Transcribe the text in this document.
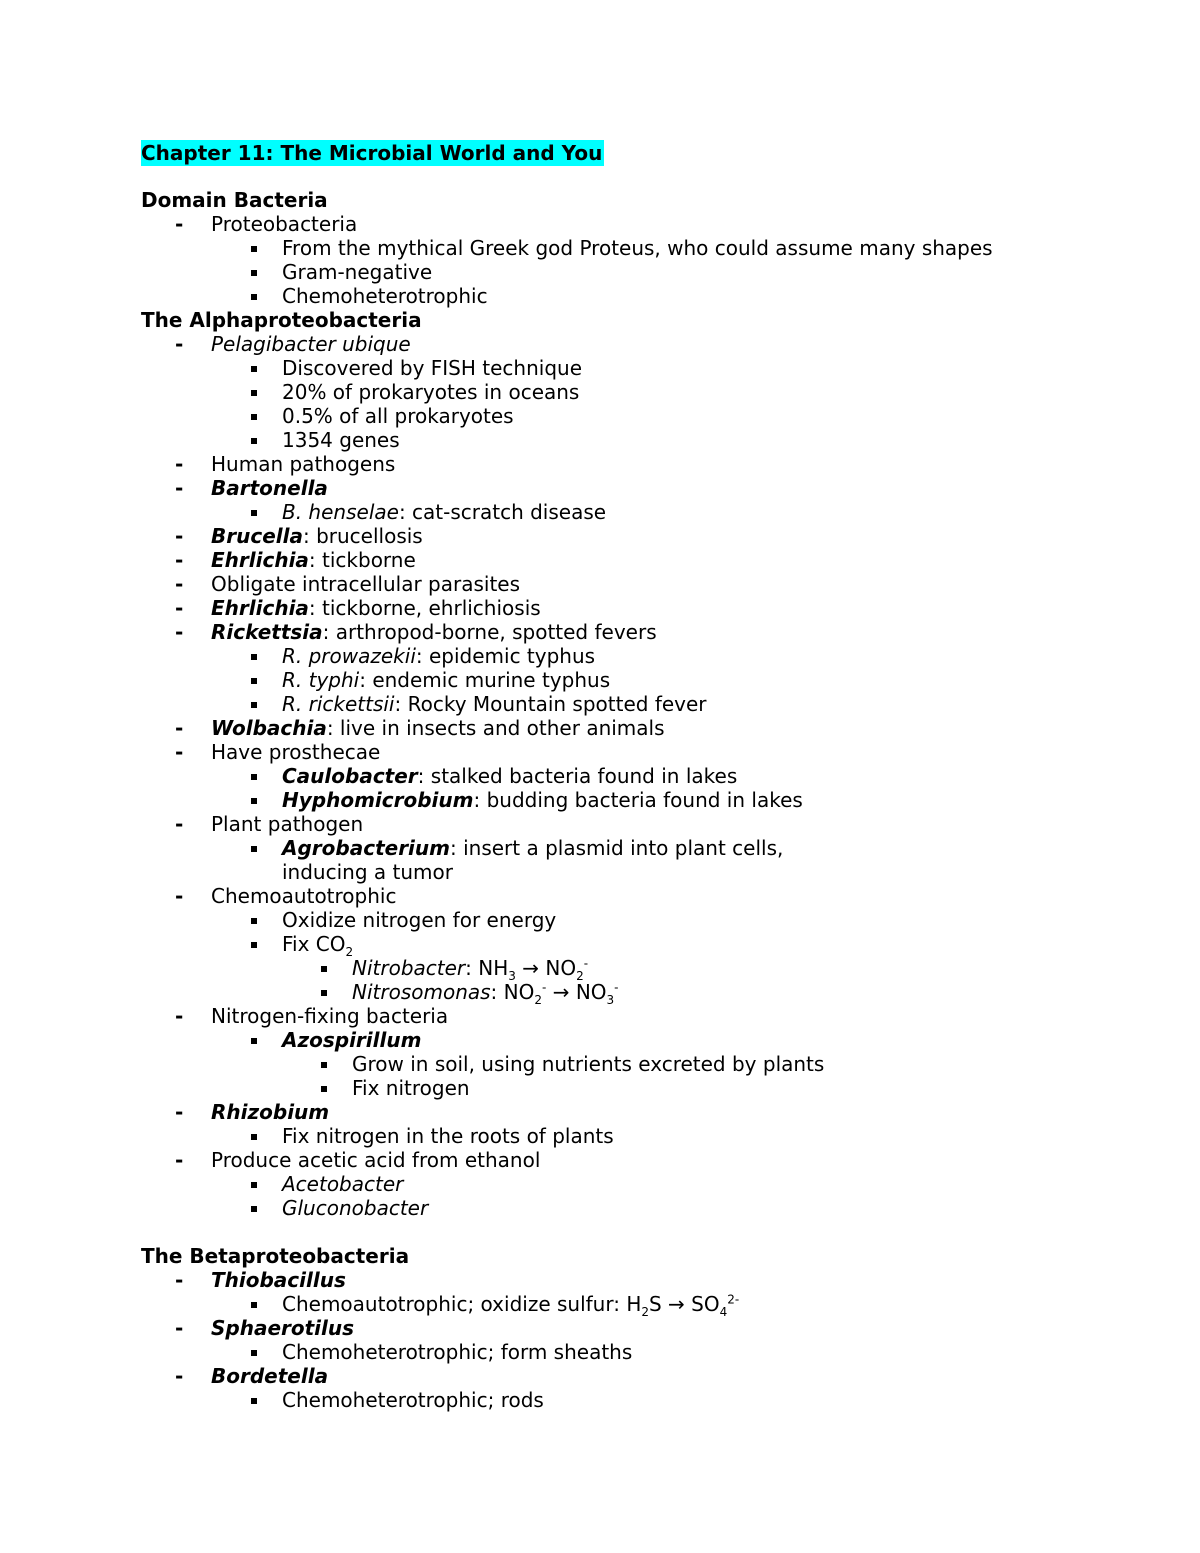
Chapter 11: The Microbial World and You
Domain Bacteria
- Proteobacteria
From the mythical Greek god Proteus, who could assume many shapes
Gram-negative
Chemoheterotrophic
The Alphaproteobacteria
- Pelagibacter ubique
Discovered by FISH technique
20% of prokaryotes in oceans
0.5% of all prokaryotes
1354 genes
- Human pathogens
- Bartonella
B. henselae: cat-scratch disease
- Brucella: brucellosis
- Ehrlichia: tickborne
- Obligate intracellular parasites
- Ehrlichia: tickborne, ehrlichiosis
- Rickettsia: arthropod-borne, spotted fevers
R. prowazekii: epidemic typhus
R. typhi: endemic murine typhus
R. rickettsii: Rocky Mountain spotted fever
- Wolbachia: live in insects and other animals
- Have prosthecae
Caulobacter: stalked bacteria found in lakes
Hyphomicrobium: budding bacteria found in lakes
- Plant pathogen
Agrobacterium: insert a plasmid into plant cells,
inducing a tumor
- Chemoautotrophic
Oxidize nitrogen for energy
Fix $CO_2$
Nitrobacter: $NH_3 \to NO_2^-$
Nitrosomonas: $NO_2^- \to NO_3^-$
- Nitrogen-fixing bacteria
Azospirillum
Grow in soil, using nutrients excreted by plants
Fix nitrogen
- Rhizobium
Fix nitrogen in the roots of plants
- Produce acetic acid from ethanol
Acetobacter
Gluconobacter
The Betaproteobacteria
- Thiobacillus
Chemoautotrophic; oxidize sulfur: $H_2S \to SO_4^{2-}$
- Sphaerotilus
Chemoheterotrophic; form sheaths
- Bordetella
Chemoheterotrophic; rods
